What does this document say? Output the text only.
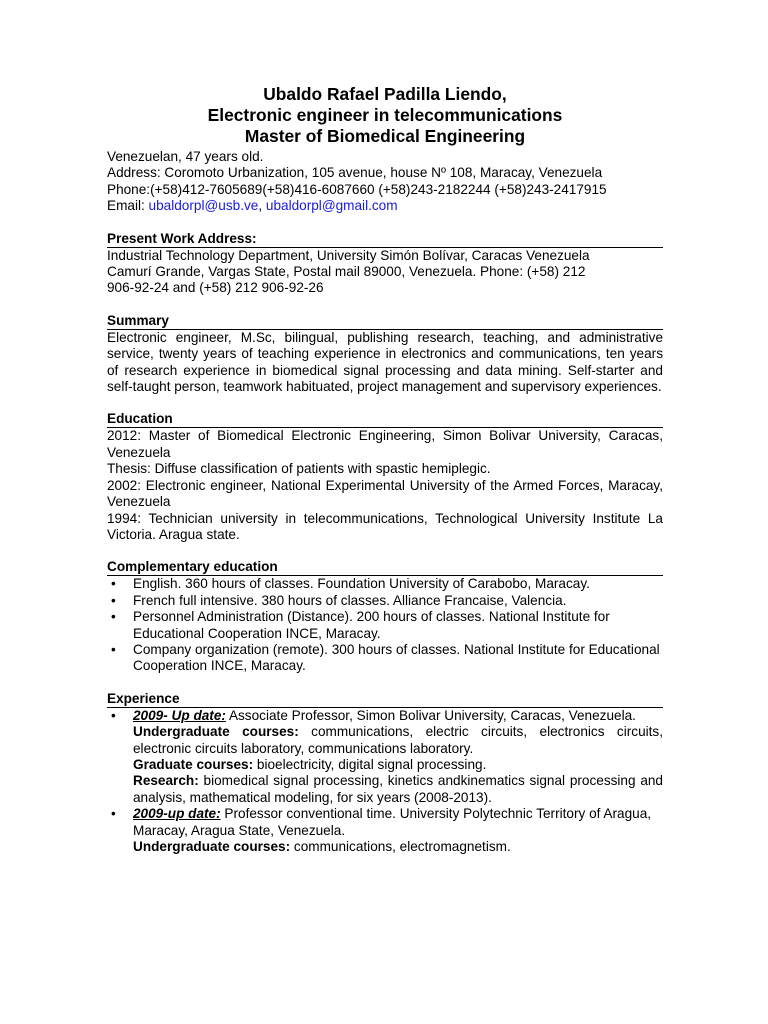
Ubaldo Rafael Padilla Liendo,
Electronic engineer in telecommunications
Master of Biomedical Engineering
Venezuelan, 47 years old.
Address: Coromoto Urbanization, 105 avenue, house Nº 108, Maracay, Venezuela
Phone:(+58)412-7605689(+58)416-6087660 (+58)243-2182244 (+58)243-2417915
Email: ubaldorpl@usb.ve, ubaldorpl@gmail.com
Present Work Address:
Industrial Technology Department, University Simón Bolívar, Caracas Venezuela
Camurí Grande, Vargas State, Postal mail 89000, Venezuela. Phone: (+58) 212
906-92-24 and (+58) 212 906-92-26
Summary
Electronic engineer, M.Sc, bilingual, publishing research, teaching, and administrative service, twenty years of teaching experience in electronics and communications, ten years of research experience in biomedical signal processing and data mining. Self-starter and self-taught person, teamwork habituated, project management and supervisory experiences.
Education
2012: Master of Biomedical Electronic Engineering, Simon Bolivar University, Caracas, Venezuela
Thesis: Diffuse classification of patients with spastic hemiplegic.
2002: Electronic engineer, National Experimental University of the Armed Forces, Maracay, Venezuela
1994: Technician university in telecommunications, Technological University Institute La Victoria. Aragua state.
Complementary education
• English. 360 hours of classes. Foundation University of Carabobo, Maracay.
• French full intensive. 380 hours of classes. Alliance Francaise, Valencia.
• Personnel Administration (Distance). 200 hours of classes. National Institute for Educational Cooperation INCE, Maracay.
• Company organization (remote). 300 hours of classes. National Institute for Educational Cooperation INCE, Maracay.
Experience
• 2009- Up date: Associate Professor, Simon Bolivar University, Caracas, Venezuela.
Undergraduate courses: communications, electric circuits, electronics circuits, electronic circuits laboratory, communications laboratory.
Graduate courses: bioelectricity, digital signal processing.
Research: biomedical signal processing, kinetics andkinematics signal processing and analysis, mathematical modeling, for six years (2008-2013).
• 2009-up date: Professor conventional time. University Polytechnic Territory of Aragua, Maracay, Aragua State, Venezuela.
Undergraduate courses: communications, electromagnetism.
